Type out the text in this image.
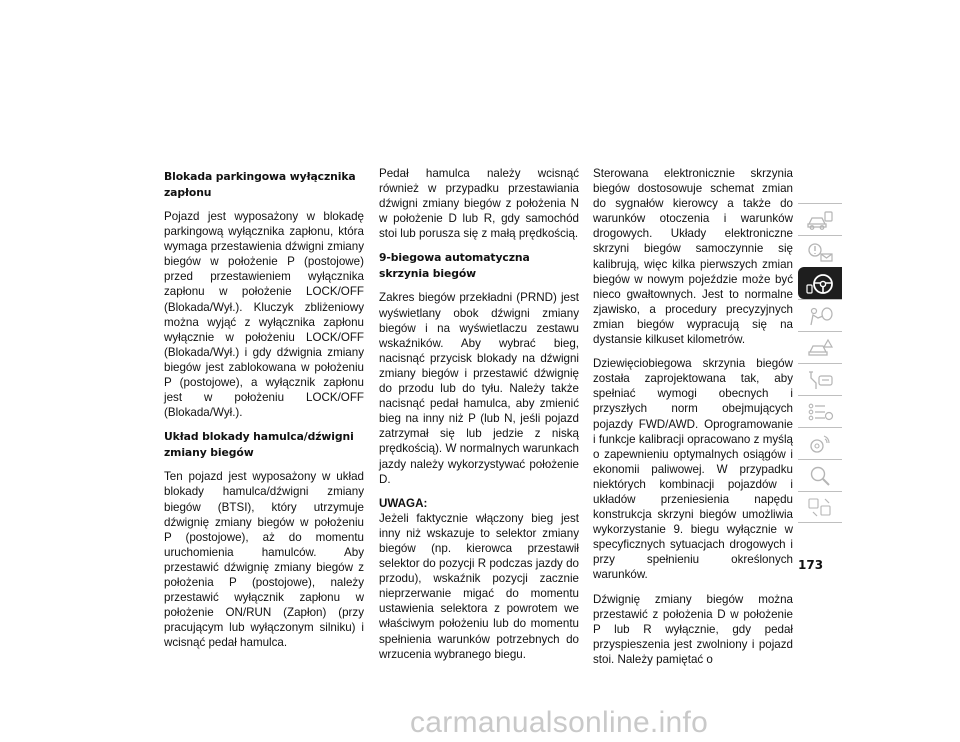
Blokada parkingowa wyłącznika zapłonu

Pojazd jest wyposażony w blokadę parkingową wyłącznika zapłonu, która wymaga przestawienia dźwigni zmiany biegów w położenie P (postojowe) przed przestawieniem wyłącznika zapłonu w położenie LOCK/OFF (Blokada/Wył.). Kluczyk zbliżeniowy można wyjąć z wyłącznika zapłonu wyłącznie w położeniu LOCK/OFF (Blokada/Wył.) i gdy dźwignia zmiany biegów jest zablokowana w położeniu P (postojowe), a wyłącznik zapłonu jest w położeniu LOCK/OFF (Blokada/Wył.).

Układ blokady hamulca/dźwigni zmiany biegów

Ten pojazd jest wyposażony w układ blokady hamulca/dźwigni zmiany biegów (BTSI), który utrzymuje dźwignię zmiany biegów w położeniu P (postojowe), aż do momentu uruchomienia hamulców. Aby przestawić dźwignię zmiany biegów z położenia P (postojowe), należy przestawić wyłącznik zapłonu w położenie ON/RUN (Zapłon) (przy pracującym lub wyłączonym silniku) i wcisnąć pedał hamulca.

Pedał hamulca należy wcisnąć również w przypadku przestawiania dźwigni zmiany biegów z położenia N w położenie D lub R, gdy samochód stoi lub porusza się z małą prędkością.

9-biegowa automatyczna skrzynia biegów

Zakres biegów przekładni (PRND) jest wyświetlany obok dźwigni zmiany biegów i na wyświetlaczu zestawu wskaźników. Aby wybrać bieg, nacisnąć przycisk blokady na dźwigni zmiany biegów i przestawić dźwignię do przodu lub do tyłu. Należy także nacisnąć pedał hamulca, aby zmienić bieg na inny niż P (lub N, jeśli pojazd zatrzymał się lub jedzie z niską prędkością). W normalnych warunkach jazdy należy wykorzystywać położenie D.

UWAGA:
Jeżeli faktycznie włączony bieg jest inny niż wskazuje to selektor zmiany biegów (np. kierowca przestawił selektor do pozycji R podczas jazdy do przodu), wskaźnik pozycji zacznie nieprzerwanie migać do momentu ustawienia selektora z powrotem we właściwym położeniu lub do momentu spełnienia warunków potrzebnych do wrzucenia wybranego biegu.

Sterowana elektronicznie skrzynia biegów dostosowuje schemat zmian do sygnałów kierowcy a także do warunków otoczenia i warunków drogowych. Układy elektroniczne skrzyni biegów samoczynnie się kalibrują, więc kilka pierwszych zmian biegów w nowym pojeździe może być nieco gwałtownych. Jest to normalne zjawisko, a procedury precyzyjnych zmian biegów wypracują się na dystansie kilkuset kilometrów.

Dziewięciobiegowa skrzynia biegów została zaprojektowana tak, aby spełniać wymogi obecnych i przyszłych norm obejmujących pojazdy FWD/AWD. Oprogramowanie i funkcje kalibracji opracowano z myślą o zapewnieniu optymalnych osiągów i ekonomii paliwowej. W przypadku niektórych kombinacji pojazdów i układów przeniesienia napędu konstrukcja skrzyni biegów umożliwia wykorzystanie 9. biegu wyłącznie w specyficznych sytuacjach drogowych i przy spełnieniu określonych warunków.

Dźwignię zmiany biegów można przestawić z położenia D w położenie P lub R wyłącznie, gdy pedał przyspieszenia jest zwolniony i pojazd stoi. Należy pamiętać o

173
carmanualsonline.info
